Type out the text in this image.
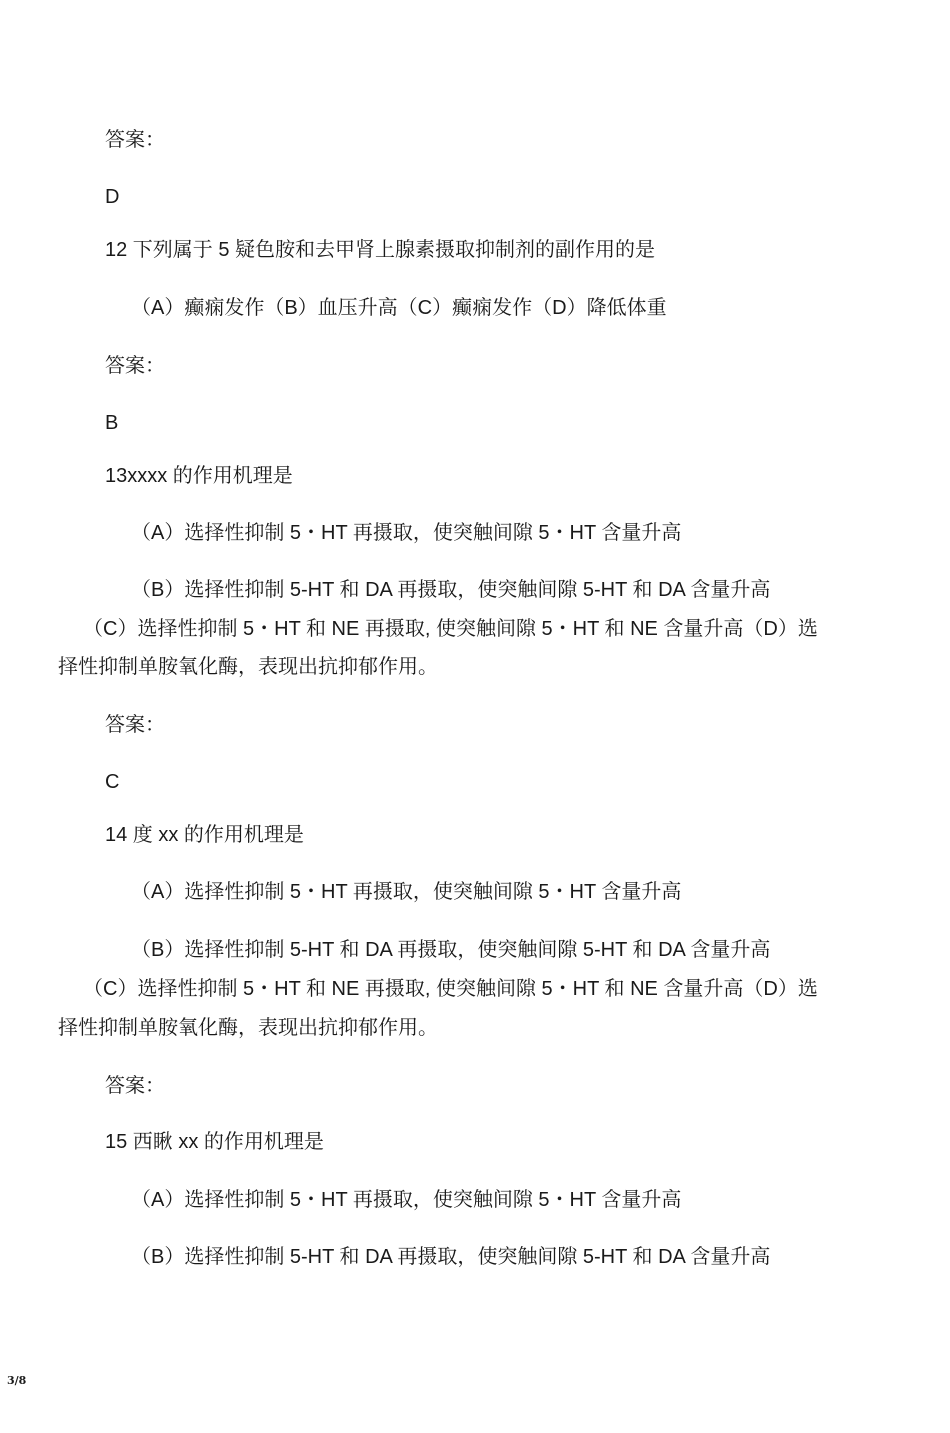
答案：
D
12 下列属于 5 疑色胺和去甲肾上腺素摄取抑制剂的副作用的是
（A）癫痫发作（B）血压升高（C）癫痫发作（D）降低体重
答案：
B
13xxxx 的作用机理是
（A）选择性抑制 5・HT 再摄取，使突触间隙 5・HT 含量升高
（B）选择性抑制 5-HT 和 DA 再摄取，使突触间隙 5-HT 和 DA 含量升高
（C）选择性抑制 5・HT 和 NE 再摄取, 使突触间隙 5・HT 和 NE 含量升高（D）选
择性抑制单胺氧化酶，表现出抗抑郁作用。
答案：
C
14 度 xx 的作用机理是
（A）选择性抑制 5・HT 再摄取，使突触间隙 5・HT 含量升高
（B）选择性抑制 5-HT 和 DA 再摄取，使突触间隙 5-HT 和 DA 含量升高
（C）选择性抑制 5・HT 和 NE 再摄取, 使突触间隙 5・HT 和 NE 含量升高（D）选
择性抑制单胺氧化酶，表现出抗抑郁作用。
答案：
15 西瞅 xx 的作用机理是
（A）选择性抑制 5・HT 再摄取，使突触间隙 5・HT 含量升高
（B）选择性抑制 5-HT 和 DA 再摄取，使突触间隙 5-HT 和 DA 含量升高
3/8
